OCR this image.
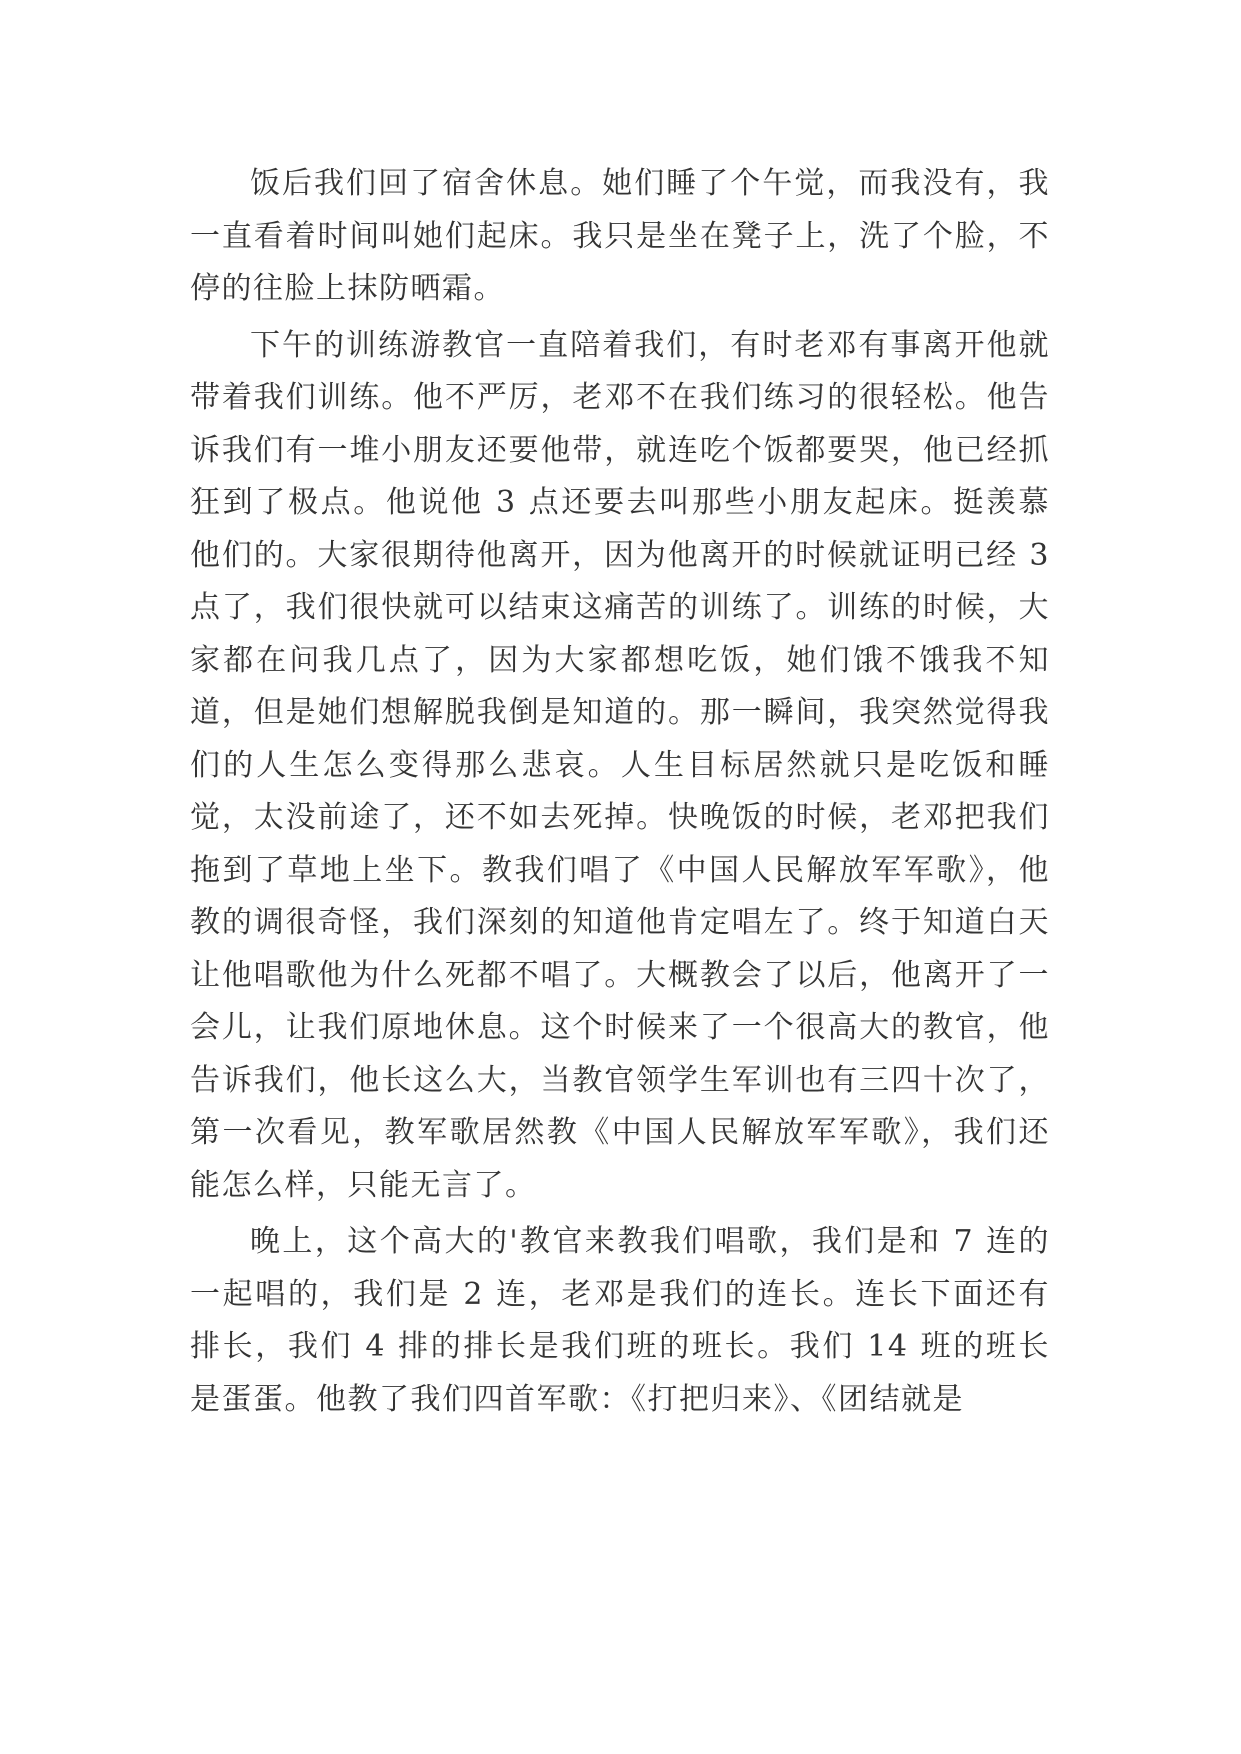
饭后我们回了宿舍休息。她们睡了个午觉，而我没有，我一直看着时间叫她们起床。我只是坐在凳子上，洗了个脸，不停的往脸上抹防晒霜。

下午的训练游教官一直陪着我们，有时老邓有事离开他就带着我们训练。他不严厉，老邓不在我们练习的很轻松。他告诉我们有一堆小朋友还要他带，就连吃个饭都要哭，他已经抓狂到了极点。他说他 3 点还要去叫那些小朋友起床。挺羡慕他们的。大家很期待他离开，因为他离开的时候就证明已经 3 点了，我们很快就可以结束这痛苦的训练了。训练的时候，大家都在问我几点了，因为大家都想吃饭，她们饿不饿我不知道，但是她们想解脱我倒是知道的。那一瞬间，我突然觉得我们的人生怎么变得那么悲哀。人生目标居然就只是吃饭和睡觉，太没前途了，还不如去死掉。快晚饭的时候，老邓把我们拖到了草地上坐下。教我们唱了《中国人民解放军军歌》，他教的调很奇怪，我们深刻的知道他肯定唱左了。终于知道白天让他唱歌他为什么死都不唱了。大概教会了以后，他离开了一会儿，让我们原地休息。这个时候来了一个很高大的教官，他告诉我们，他长这么大，当教官领学生军训也有三四十次了，第一次看见，教军歌居然教《中国人民解放军军歌》，我们还能怎么样，只能无言了。

晚上，这个高大的'教官来教我们唱歌，我们是和 7 连的一起唱的，我们是 2 连，老邓是我们的连长。连长下面还有排长，我们 4 排的排长是我们班的班长。我们 14 班的班长是蛋蛋。他教了我们四首军歌：《打把归来》、《团结就是
